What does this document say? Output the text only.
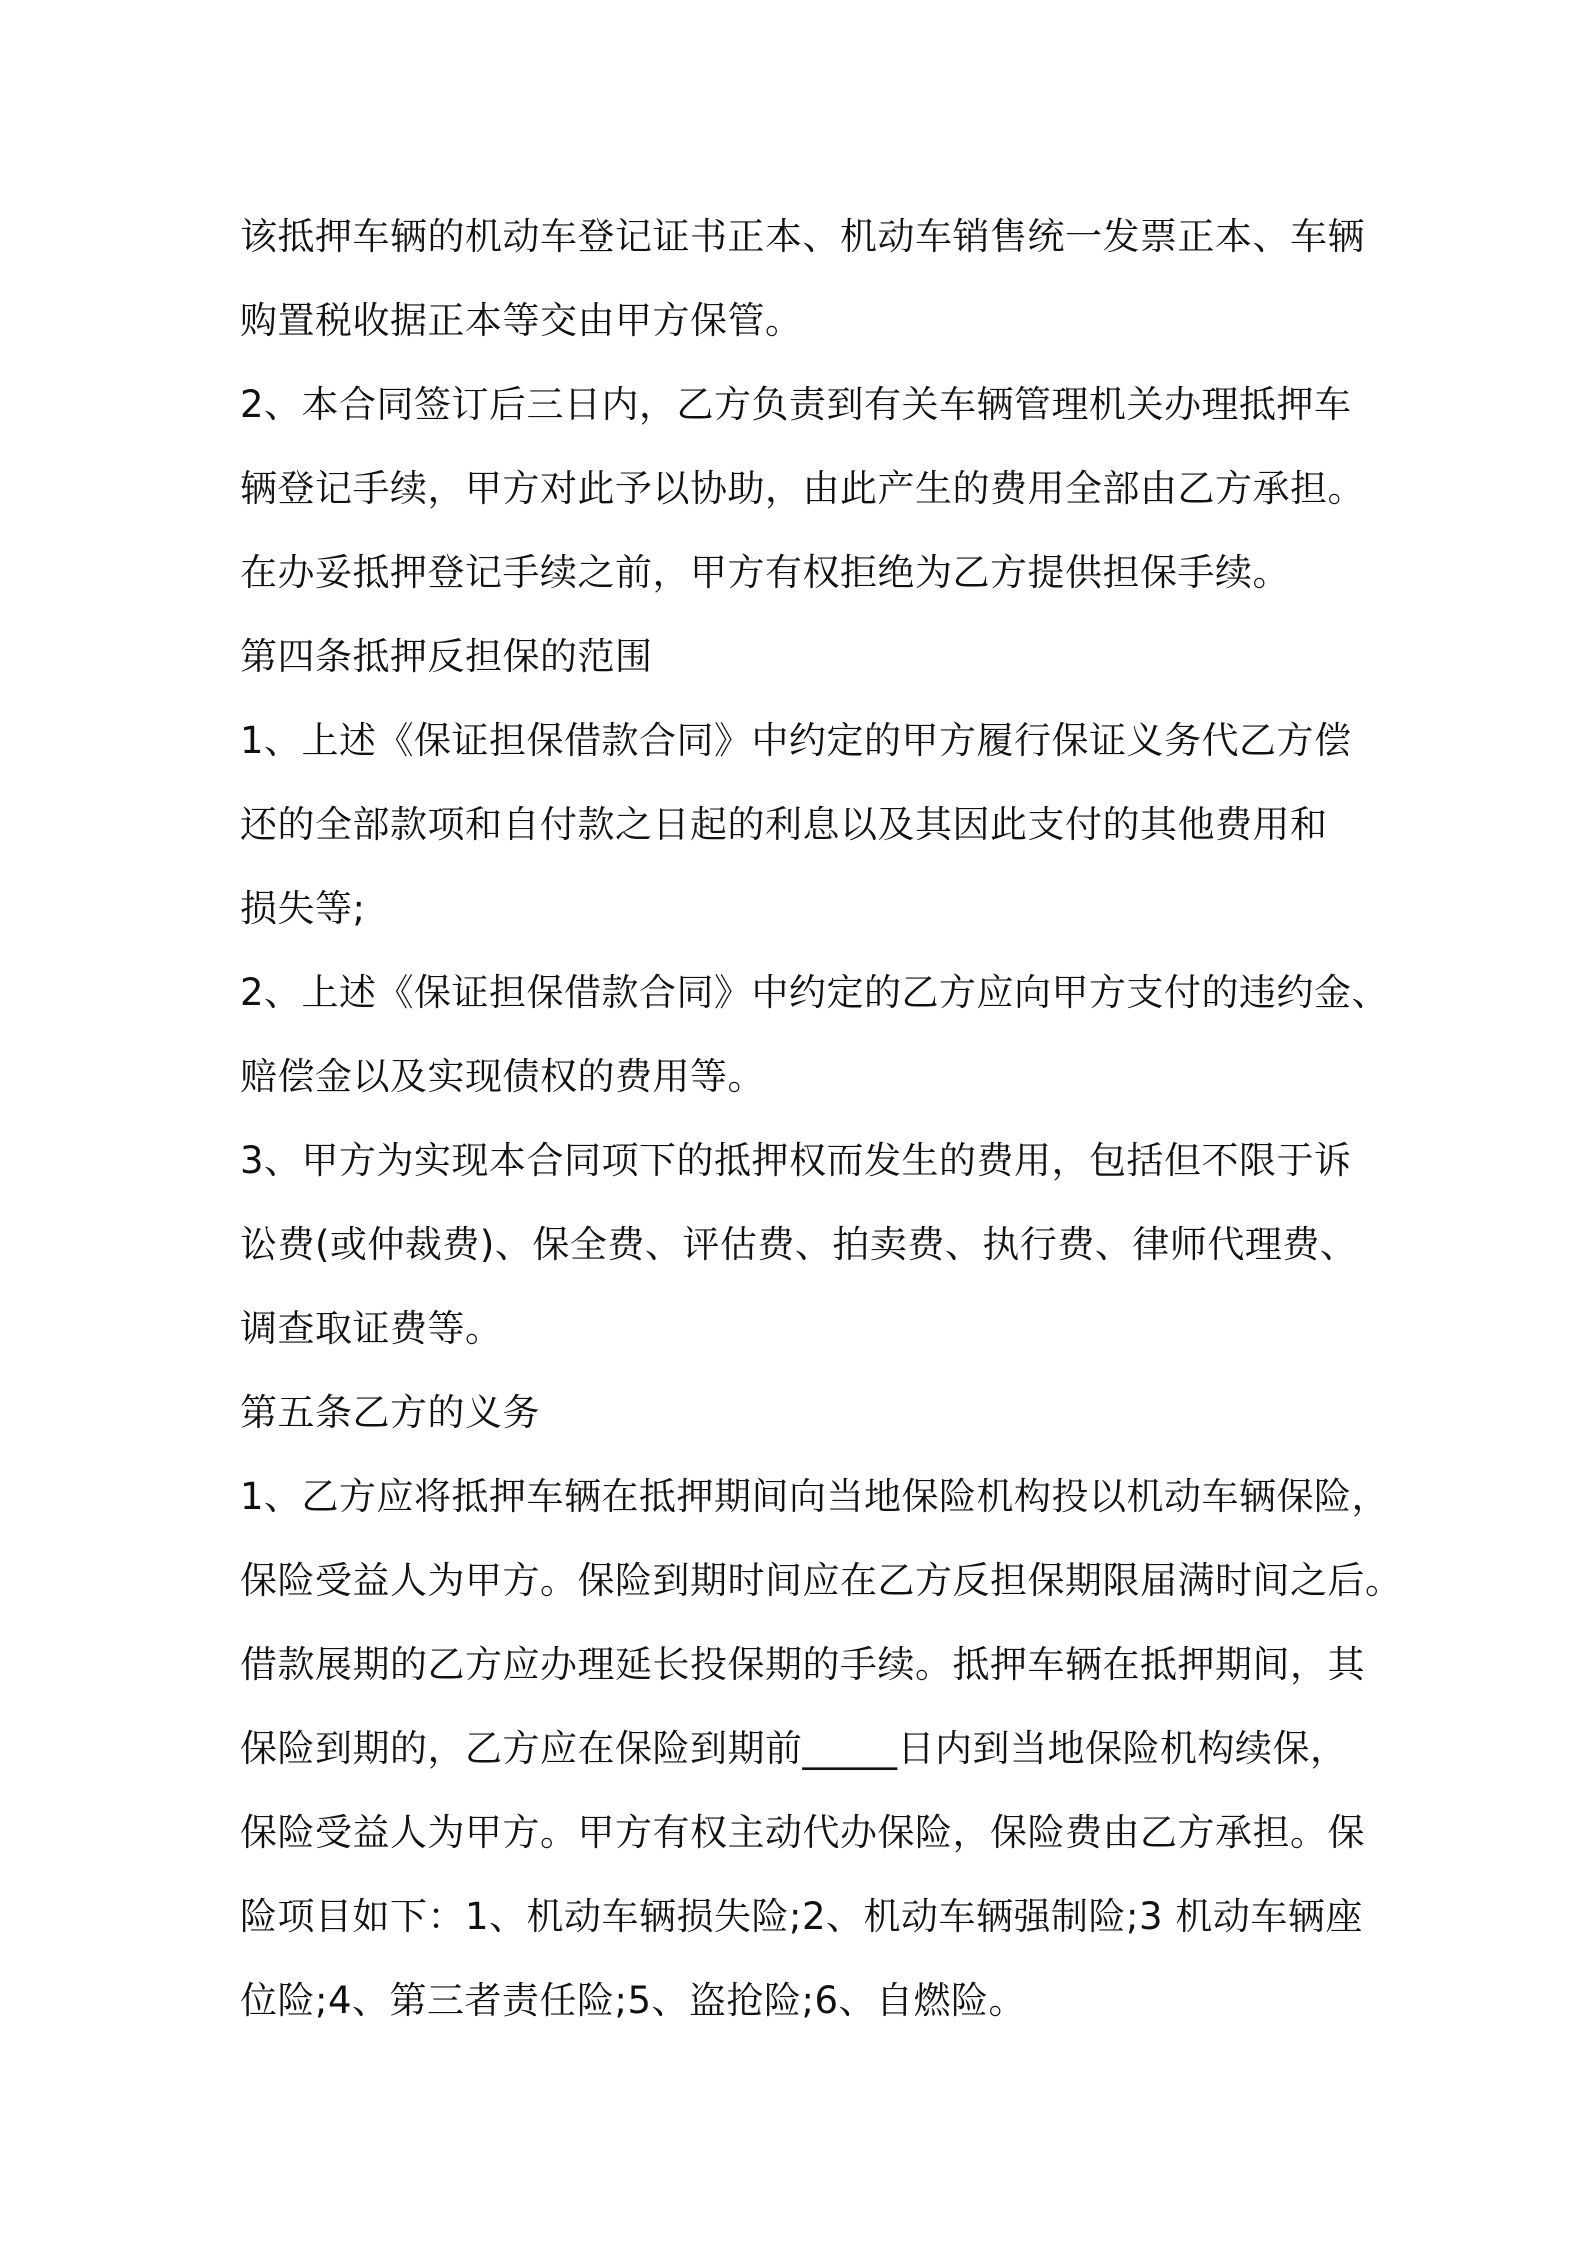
该抵押车辆的机动车登记证书正本、机动车销售统一发票正本、车辆
购置税收据正本等交由甲方保管。
2、本合同签订后三日内，乙方负责到有关车辆管理机关办理抵押车
辆登记手续，甲方对此予以协助，由此产生的费用全部由乙方承担。
在办妥抵押登记手续之前，甲方有权拒绝为乙方提供担保手续。
第四条抵押反担保的范围
1、上述《保证担保借款合同》中约定的甲方履行保证义务代乙方偿
还的全部款项和自付款之日起的利息以及其因此支付的其他费用和
损失等;
2、上述《保证担保借款合同》中约定的乙方应向甲方支付的违约金、
赔偿金以及实现债权的费用等。
3、甲方为实现本合同项下的抵押权而发生的费用，包括但不限于诉
讼费(或仲裁费)、保全费、评估费、拍卖费、执行费、律师代理费、
调查取证费等。
第五条乙方的义务
1、乙方应将抵押车辆在抵押期间向当地保险机构投以机动车辆保险，
保险受益人为甲方。保险到期时间应在乙方反担保期限届满时间之后。
借款展期的乙方应办理延长投保期的手续。抵押车辆在抵押期间，其
保险到期的，乙方应在保险到期前_____日内到当地保险机构续保，
保险受益人为甲方。甲方有权主动代办保险，保险费由乙方承担。保
险项目如下：1、机动车辆损失险;2、机动车辆强制险;3 机动车辆座
位险;4、第三者责任险;5、盗抢险;6、自燃险。
